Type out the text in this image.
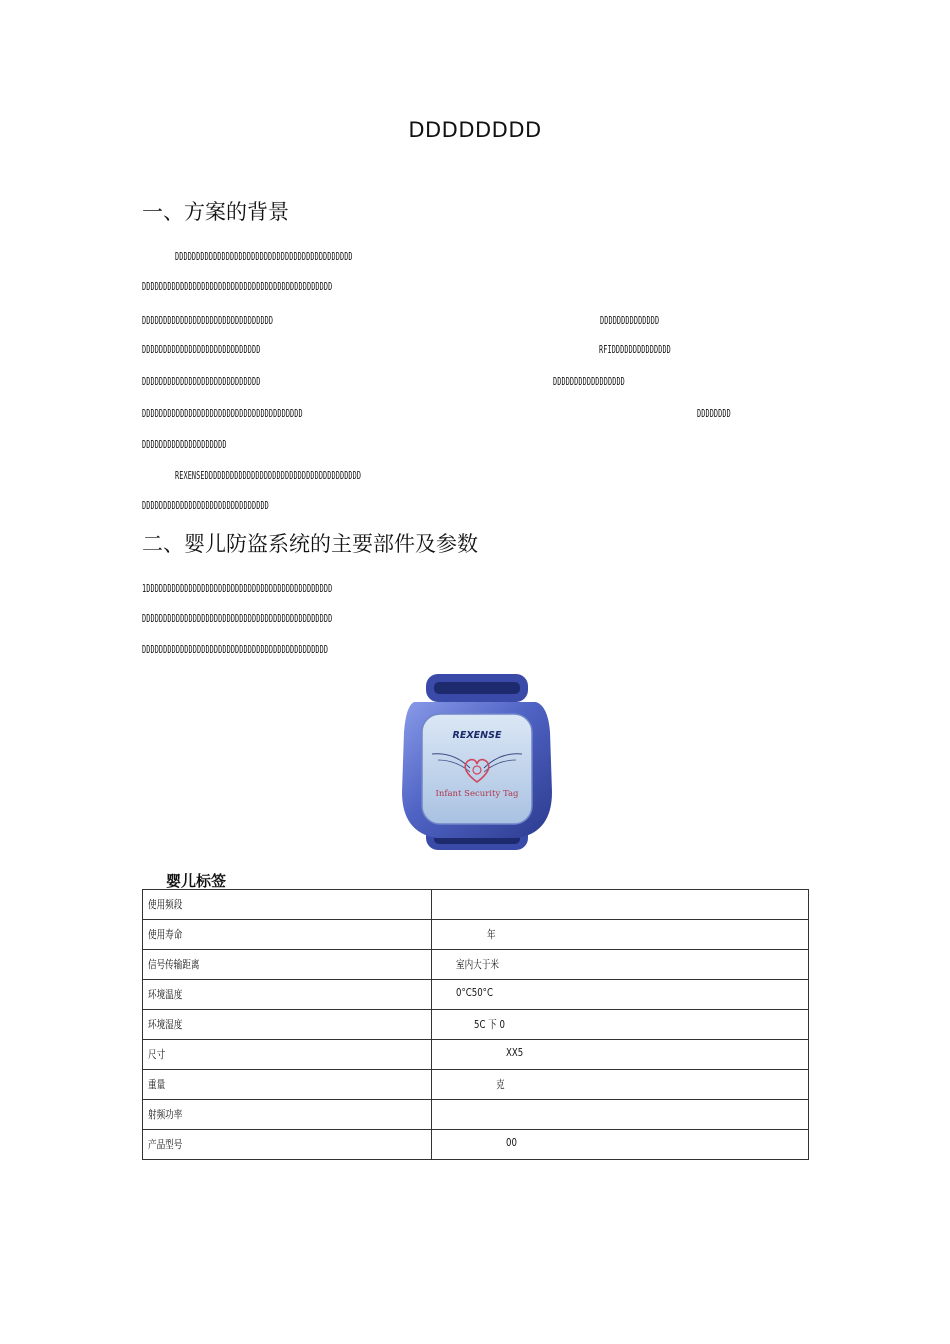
DDDDDDDD
一、方案的背景
DDDDDDDDDDDDDDDDDDDDDDDDDDDDDDDDDDDDDDDDDD
DDDDDDDDDDDDDDDDDDDDDDDDDDDDDDDDDDDDDDDDDDDDD
DDDDDDDDDDDDDDDDDDDDDDDDDDDDDDD	DDDDDDDDDDDDDD
DDDDDDDDDDDDDDDDDDDDDDDDDDDD	RFIDDDDDDDDDDDDDD
DDDDDDDDDDDDDDDDDDDDDDDDDDDD	DDDDDDDDDDDDDDDDD
DDDDDDDDDDDDDDDDDDDDDDDDDDDDDDDDDDDDDD	DDDDDDDD
DDDDDDDDDDDDDDDDDDDD
REXENSEDDDDDDDDDDDDDDDDDDDDDDDDDDDDDDDDDDDDD
DDDDDDDDDDDDDDDDDDDDDDDDDDDDDD
二、婴儿防盗系统的主要部件及参数
1DDDDDDDDDDDDDDDDDDDDDDDDDDDDDDDDDDDDDDDDDDDD
DDDDDDDDDDDDDDDDDDDDDDDDDDDDDDDDDDDDDDDDDDDDD
DDDDDDDDDDDDDDDDDDDDDDDDDDDDDDDDDDDDDDDDDDDD
REXENSE
Infant Security Tag
婴儿标签
使用频段	

使用寿命	年

信号传输距离	室内大于米

环境温度	0°C50°C

环境湿度	5C 下 0

尺寸	XX5

重量	克

射频功率	

产品型号	00
